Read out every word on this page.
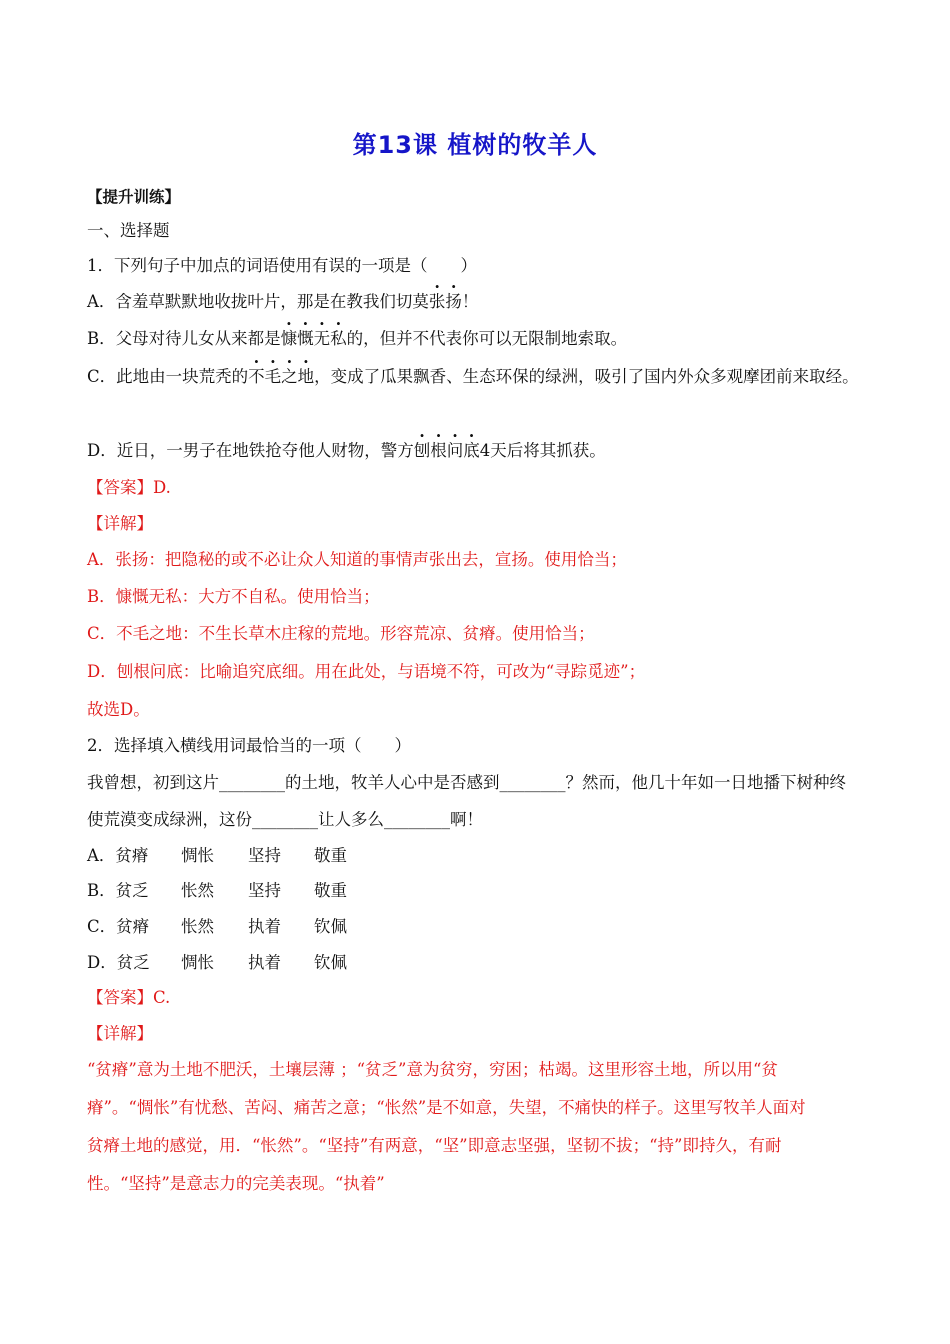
第13课 植树的牧羊人
【提升训练】
一、选择题
1．下列句子中加点的词语使用有误的一项是（　　）
A．含羞草默默地收拢叶片，那是在教我们切莫张扬！
B．父母对待儿女从来都是慷慨无私的，但并不代表你可以无限制地索取。
C．此地由一块荒秃的不毛之地，变成了瓜果飘香、生态环保的绿洲，吸引了国内外众多观摩团前来取经。
D．近日，一男子在地铁抢夺他人财物，警方刨根问底4天后将其抓获。
【答案】D.
【详解】
A．张扬：把隐秘的或不必让众人知道的事情声张出去，宣扬。使用恰当；
B．慷慨无私：大方不自私。使用恰当；
C．不毛之地：不生长草木庄稼的荒地。形容荒凉、贫瘠。使用恰当；
D．刨根问底：比喻追究底细。用在此处，与语境不符，可改为“寻踪觅迹”；
故选D。
2．选择填入横线用词最恰当的一项（　　）
我曾想，初到这片________的土地，牧羊人心中是否感到________？然而，他几十年如一日地播下树种终
使荒漠变成绿洲，这份________让人多么________啊！
A．贫瘠 惆怅 坚持 敬重
B．贫乏 怅然 坚持 敬重
C．贫瘠 怅然 执着 钦佩
D．贫乏 惆怅 执着 钦佩
【答案】C.
【详解】
“贫瘠”意为土地不肥沃，土壤层薄 ；“贫乏”意为贫穷，穷困；枯竭。这里形容土地，所以用“贫
瘠”。“惆怅”有忧愁、苦闷、痛苦之意；“怅然”是不如意，失望，不痛快的样子。这里写牧羊人面对
贫瘠土地的感觉，用．“怅然”。“坚持”有两意，“坚”即意志坚强，坚韧不拔；“持”即持久，有耐
性。“坚持”是意志力的完美表现。“执着”
